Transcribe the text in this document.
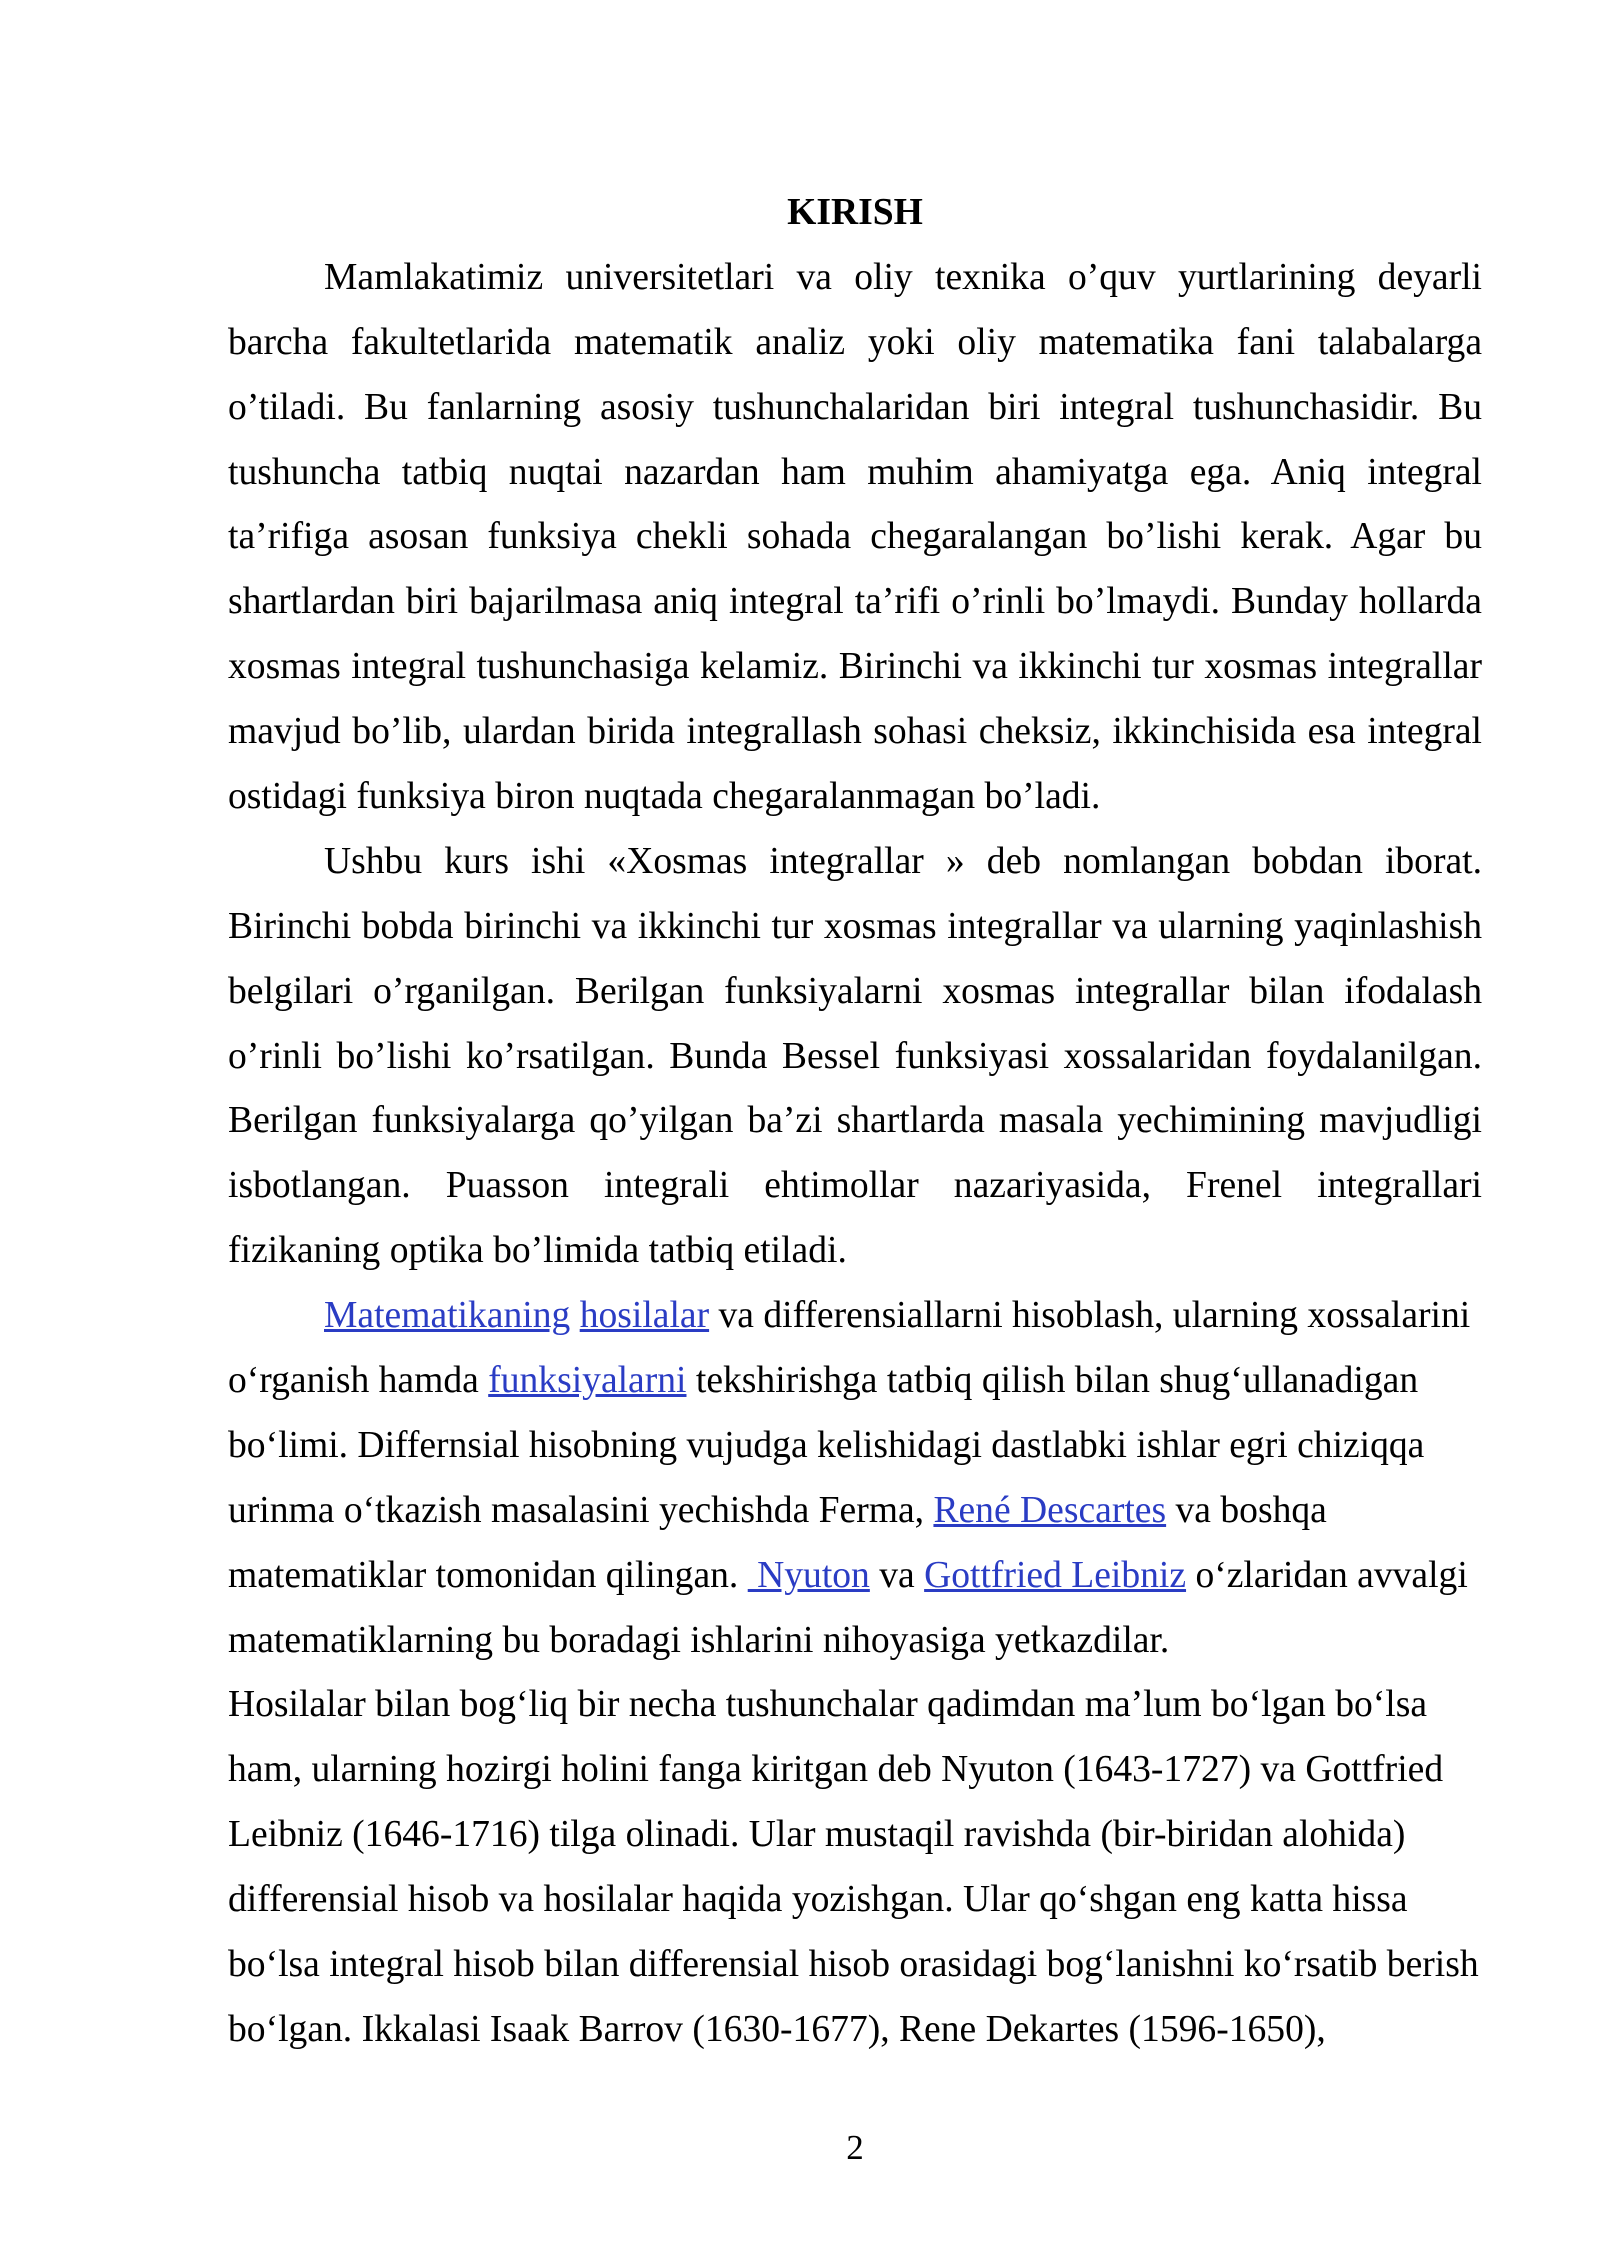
KIRISH
Mamlakatimiz universitetlari va oliy texnika o’quv yurtlarining deyarli
barcha fakultetlarida matematik analiz yoki oliy matematika fani talabalarga
o’tiladi. Bu fanlarning asosiy tushunchalaridan biri integral tushunchasidir. Bu
tushuncha tatbiq nuqtai nazardan ham muhim ahamiyatga ega. Aniq integral
ta’rifiga asosan funksiya chekli sohada chegaralangan bo’lishi kerak. Agar bu
shartlardan biri bajarilmasa aniq integral ta’rifi o’rinli bo’lmaydi. Bunday hollarda
xosmas integral tushunchasiga kelamiz. Birinchi va ikkinchi tur xosmas integrallar
mavjud bo’lib, ulardan birida integrallash sohasi cheksiz, ikkinchisida esa integral
ostidagi funksiya biron nuqtada chegaralanmagan bo’ladi.
Ushbu kurs ishi «Xosmas integrallar » deb nomlangan bobdan iborat.
Birinchi bobda birinchi va ikkinchi tur xosmas integrallar va ularning yaqinlashish
belgilari o’rganilgan. Berilgan funksiyalarni xosmas integrallar bilan ifodalash
o’rinli bo’lishi ko’rsatilgan. Bunda Bessel funksiyasi xossalaridan foydalanilgan.
Berilgan funksiyalarga qo’yilgan ba’zi shartlarda masala yechimining mavjudligi
isbotlangan. Puasson integrali ehtimollar nazariyasida, Frenel integrallari
fizikaning optika bo’limida tatbiq etiladi.
Matematikaning hosilalar va differensiallarni hisoblash, ularning xossalarini
o‘rganish hamda funksiyalarni tekshirishga tatbiq qilish bilan shug‘ullanadigan
bo‘limi. Differnsial hisobning vujudga kelishidagi dastlabki ishlar egri chiziqqa
urinma o‘tkazish masalasini yechishda Ferma, René Descartes va boshqa
matematiklar tomonidan qilingan.  Nyuton va Gottfried Leibniz o‘zlaridan avvalgi
matematiklarning bu boradagi ishlarini nihoyasiga yetkazdilar.
Hosilalar bilan bog‘liq bir necha tushunchalar qadimdan ma’lum bo‘lgan bo‘lsa
ham, ularning hozirgi holini fanga kiritgan deb Nyuton (1643-1727) va Gottfried
Leibniz (1646-1716) tilga olinadi. Ular mustaqil ravishda (bir-biridan alohida)
differensial hisob va hosilalar haqida yozishgan. Ular qo‘shgan eng katta hissa
bo‘lsa integral hisob bilan differensial hisob orasidagi bog‘lanishni ko‘rsatib berish
bo‘lgan. Ikkalasi Isaak Barrov (1630-1677), Rene Dekartes (1596-1650),
2
